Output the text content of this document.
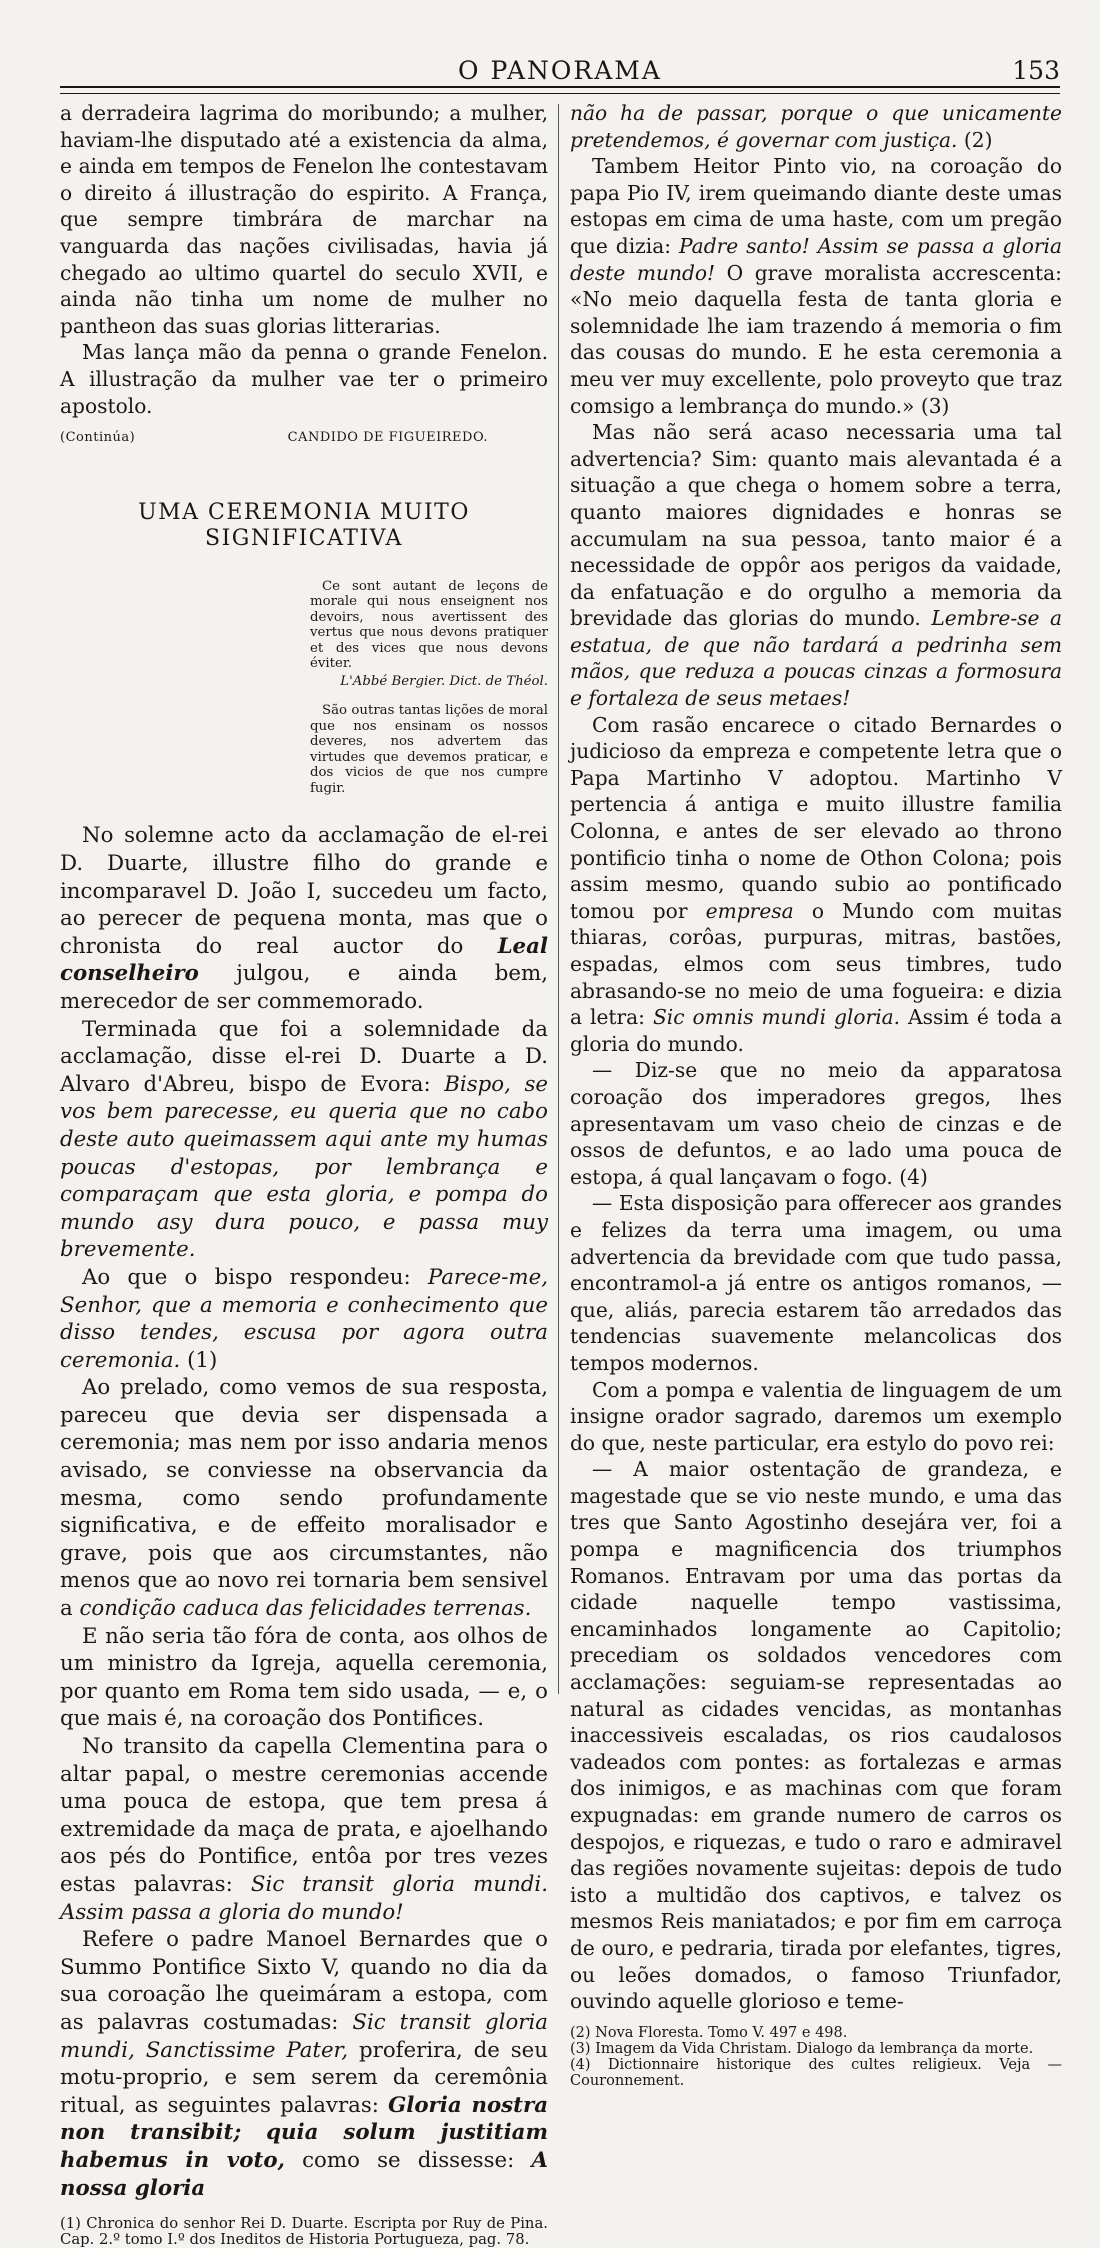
O PANORAMA	153

a derradeira lagrima do moribundo; a mulher, haviam-lhe disputado até a existencia da alma, e ainda em tempos de Fenelon lhe contestavam o direito á illustração do espirito. A França, que sempre timbrára de marchar na vanguarda das nações civilisadas, havia já chegado ao ultimo quartel do seculo XVII, e ainda não tinha um nome de mulher no pantheon das suas glorias litterarias.

Mas lança mão da penna o grande Fenelon. A illustração da mulher vae ter o primeiro apostolo.

(Continúa)	CANDIDO DE FIGUEIREDO.
UMA CEREMONIA MUITO SIGNIFICATIVA

Ce sont autant de leçons de morale qui nous enseignent nos devoirs, nous avertissent des vertus que nous devons pratiquer et des vices que nous devons éviter.

L'Abbé Bergier. Dict. de Théol.

São outras tantas lições de moral que nos ensinam os nossos deveres, nos advertem das virtudes que devemos praticar, e dos vicios de que nos cumpre fugir.

No solemne acto da acclamação de el-rei D. Duarte, illustre filho do grande e incomparavel D. João I, succedeu um facto, ao perecer de pequena monta, mas que o chronista do real auctor do Leal conselheiro julgou, e ainda bem, merecedor de ser commemorado.

Terminada que foi a solemnidade da acclamação, disse el-rei D. Duarte a D. Alvaro d'Abreu, bispo de Evora: Bispo, se vos bem parecesse, eu queria que no cabo deste auto queimassem aqui ante my humas poucas d'estopas, por lembrança e comparaçam que esta gloria, e pompa do mundo asy dura pouco, e passa muy brevemente.

Ao que o bispo respondeu: Parece-me, Senhor, que a memoria e conhecimento que disso tendes, escusa por agora outra ceremonia. (1)

Ao prelado, como vemos de sua resposta, pareceu que devia ser dispensada a ceremonia; mas nem por isso andaria menos avisado, se conviesse na observancia da mesma, como sendo profundamente significativa, e de effeito moralisador e grave, pois que aos circumstantes, não menos que ao novo rei tornaria bem sensivel a condição caduca das felicidades terrenas.

E não seria tão fóra de conta, aos olhos de um ministro da Igreja, aquella ceremonia, por quanto em Roma tem sido usada, — e, o que mais é, na coroação dos Pontifices.

No transito da capella Clementina para o altar papal, o mestre ceremonias accende uma pouca de estopa, que tem presa á extremidade da maça de prata, e ajoelhando aos pés do Pontifice, entôa por tres vezes estas palavras: Sic transit gloria mundi. Assim passa a gloria do mundo!

Refere o padre Manoel Bernardes que o Summo Pontifice Sixto V, quando no dia da sua coroação lhe queimáram a estopa, com as palavras costumadas: Sic transit gloria mundi, Sanctissime Pater, proferira, de seu motu-proprio, e sem serem da ceremônia ritual, as seguintes palavras: Gloria nostra non transibit; quia solum justitiam habemus in voto, como se dissesse: A nossa gloria

(1) Chronica do senhor Rei D. Duarte. Escripta por Ruy de Pina. Cap. 2.º tomo I.º dos Ineditos de Historia Portugueza, pag. 78.

não ha de passar, porque o que unicamente pretendemos, é governar com justiça. (2)

Tambem Heitor Pinto vio, na coroação do papa Pio IV, irem queimando diante deste umas estopas em cima de uma haste, com um pregão que dizia: Padre santo! Assim se passa a gloria deste mundo! O grave moralista accrescenta: «No meio daquella festa de tanta gloria e solemnidade lhe iam trazendo á memoria o fim das cousas do mundo. E he esta ceremonia a meu ver muy excellente, polo proveyto que traz comsigo a lembrança do mundo.» (3)

Mas não será acaso necessaria uma tal advertencia? Sim: quanto mais alevantada é a situação a que chega o homem sobre a terra, quanto maiores dignidades e honras se accumulam na sua pessoa, tanto maior é a necessidade de oppôr aos perigos da vaidade, da enfatuação e do orgulho a memoria da brevidade das glorias do mundo. Lembre-se a estatua, de que não tardará a pedrinha sem mãos, que reduza a poucas cinzas a formosura e fortaleza de seus metaes!

Com rasão encarece o citado Bernardes o judicioso da empreza e competente letra que o Papa Martinho V adoptou. Martinho V pertencia á antiga e muito illustre familia Colonna, e antes de ser elevado ao throno pontificio tinha o nome de Othon Colona; pois assim mesmo, quando subio ao pontificado tomou por empresa o Mundo com muitas thiaras, corôas, purpuras, mitras, bastões, espadas, elmos com seus timbres, tudo abrasando-se no meio de uma fogueira: e dizia a letra: Sic omnis mundi gloria. Assim é toda a gloria do mundo.

— Diz-se que no meio da apparatosa coroação dos imperadores gregos, lhes apresentavam um vaso cheio de cinzas e de ossos de defuntos, e ao lado uma pouca de estopa, á qual lançavam o fogo. (4)

— Esta disposição para offerecer aos grandes e felizes da terra uma imagem, ou uma advertencia da brevidade com que tudo passa, encontramol-a já entre os antigos romanos, — que, aliás, parecia estarem tão arredados das tendencias suavemente melancolicas dos tempos modernos.

Com a pompa e valentia de linguagem de um insigne orador sagrado, daremos um exemplo do que, neste particular, era estylo do povo rei:

— A maior ostentação de grandeza, e magestade que se vio neste mundo, e uma das tres que Santo Agostinho desejára ver, foi a pompa e magnificencia dos triumphos Romanos. Entravam por uma das portas da cidade naquelle tempo vastissima, encaminhados longamente ao Capitolio; precediam os soldados vencedores com acclamações: seguiam-se representadas ao natural as cidades vencidas, as montanhas inaccessiveis escaladas, os rios caudalosos vadeados com pontes: as fortalezas e armas dos inimigos, e as machinas com que foram expugnadas: em grande numero de carros os despojos, e riquezas, e tudo o raro e admiravel das regiões novamente sujeitas: depois de tudo isto a multidão dos captivos, e talvez os mesmos Reis maniatados; e por fim em carroça de ouro, e pedraria, tirada por elefantes, tigres, ou leões domados, o famoso Triunfador, ouvindo aquelle glorioso e teme-

(2) Nova Floresta. Tomo V. 497 e 498.

(3) Imagem da Vida Christam. Dialogo da lembrança da morte.

(4) Dictionnaire historique des cultes religieux. Veja — Couronnement.
